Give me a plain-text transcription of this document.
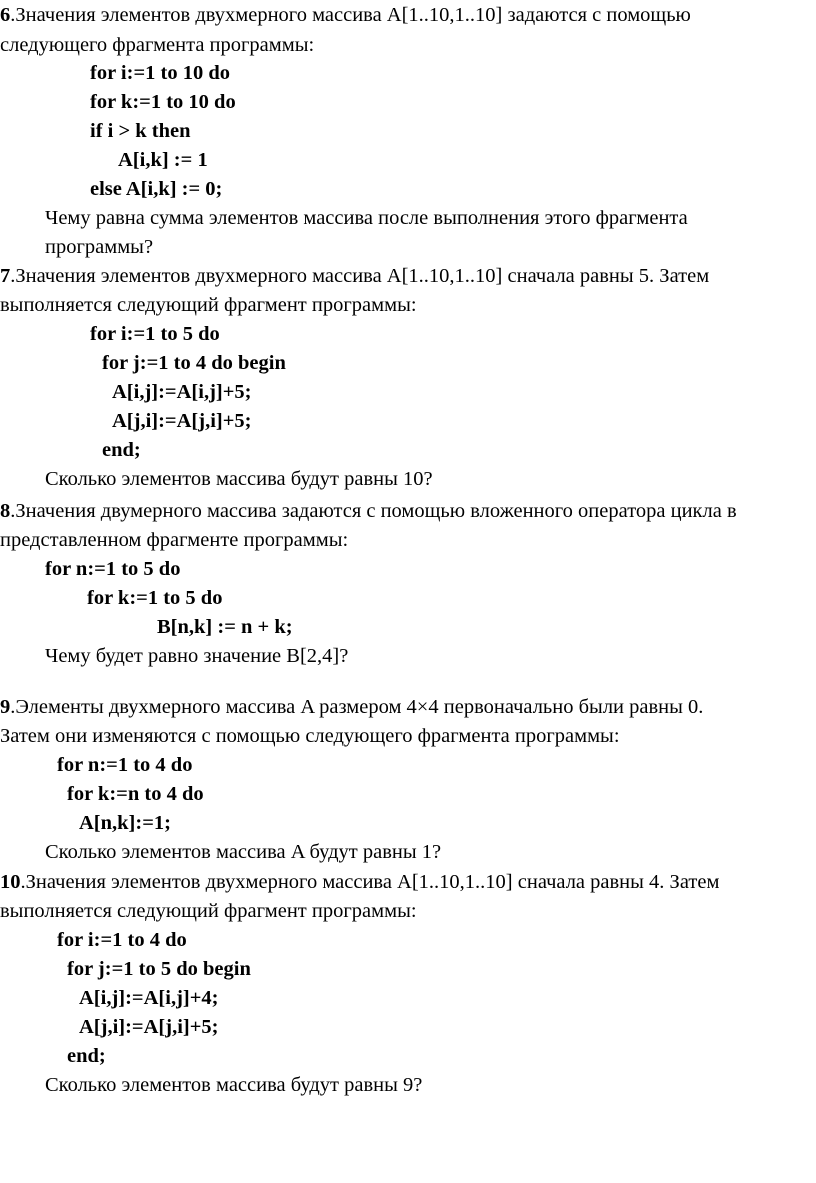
6.Значения элементов двухмерного массива A[1..10,1..10] задаются с помощью
следующего фрагмента программы:
for i:=1 to 10 do
for k:=1 to 10 do
if i > k then
A[i,k] := 1
else A[i,k] := 0;
Чему равна сумма элементов массива после выполнения этого фрагмента
программы?
7.Значения элементов двухмерного массива A[1..10,1..10] сначала равны 5. Затем
выполняется следующий фрагмент программы:
for i:=1 to 5 do
for j:=1 to 4 do begin
A[i,j]:=A[i,j]+5;
A[j,i]:=A[j,i]+5;
end;
Сколько элементов массива будут равны 10?
8.Значения двумерного массива задаются с помощью вложенного оператора цикла в
представленном фрагменте программы:
for n:=1 to 5 do
for k:=1 to 5 do
B[n,k] := n + k;
Чему будет равно значение B[2,4]?
9.Элементы двухмерного массива A размером 4×4 первоначально были равны 0.
Затем они изменяются с помощью следующего фрагмента программы:
for n:=1 to 4 do
for k:=n to 4 do
A[n,k]:=1;
Сколько элементов массива A будут равны 1?
10.Значения элементов двухмерного массива A[1..10,1..10] сначала равны 4. Затем
выполняется следующий фрагмент программы:
for i:=1 to 4 do
for j:=1 to 5 do begin
A[i,j]:=A[i,j]+4;
A[j,i]:=A[j,i]+5;
end;
Сколько элементов массива будут равны 9?
